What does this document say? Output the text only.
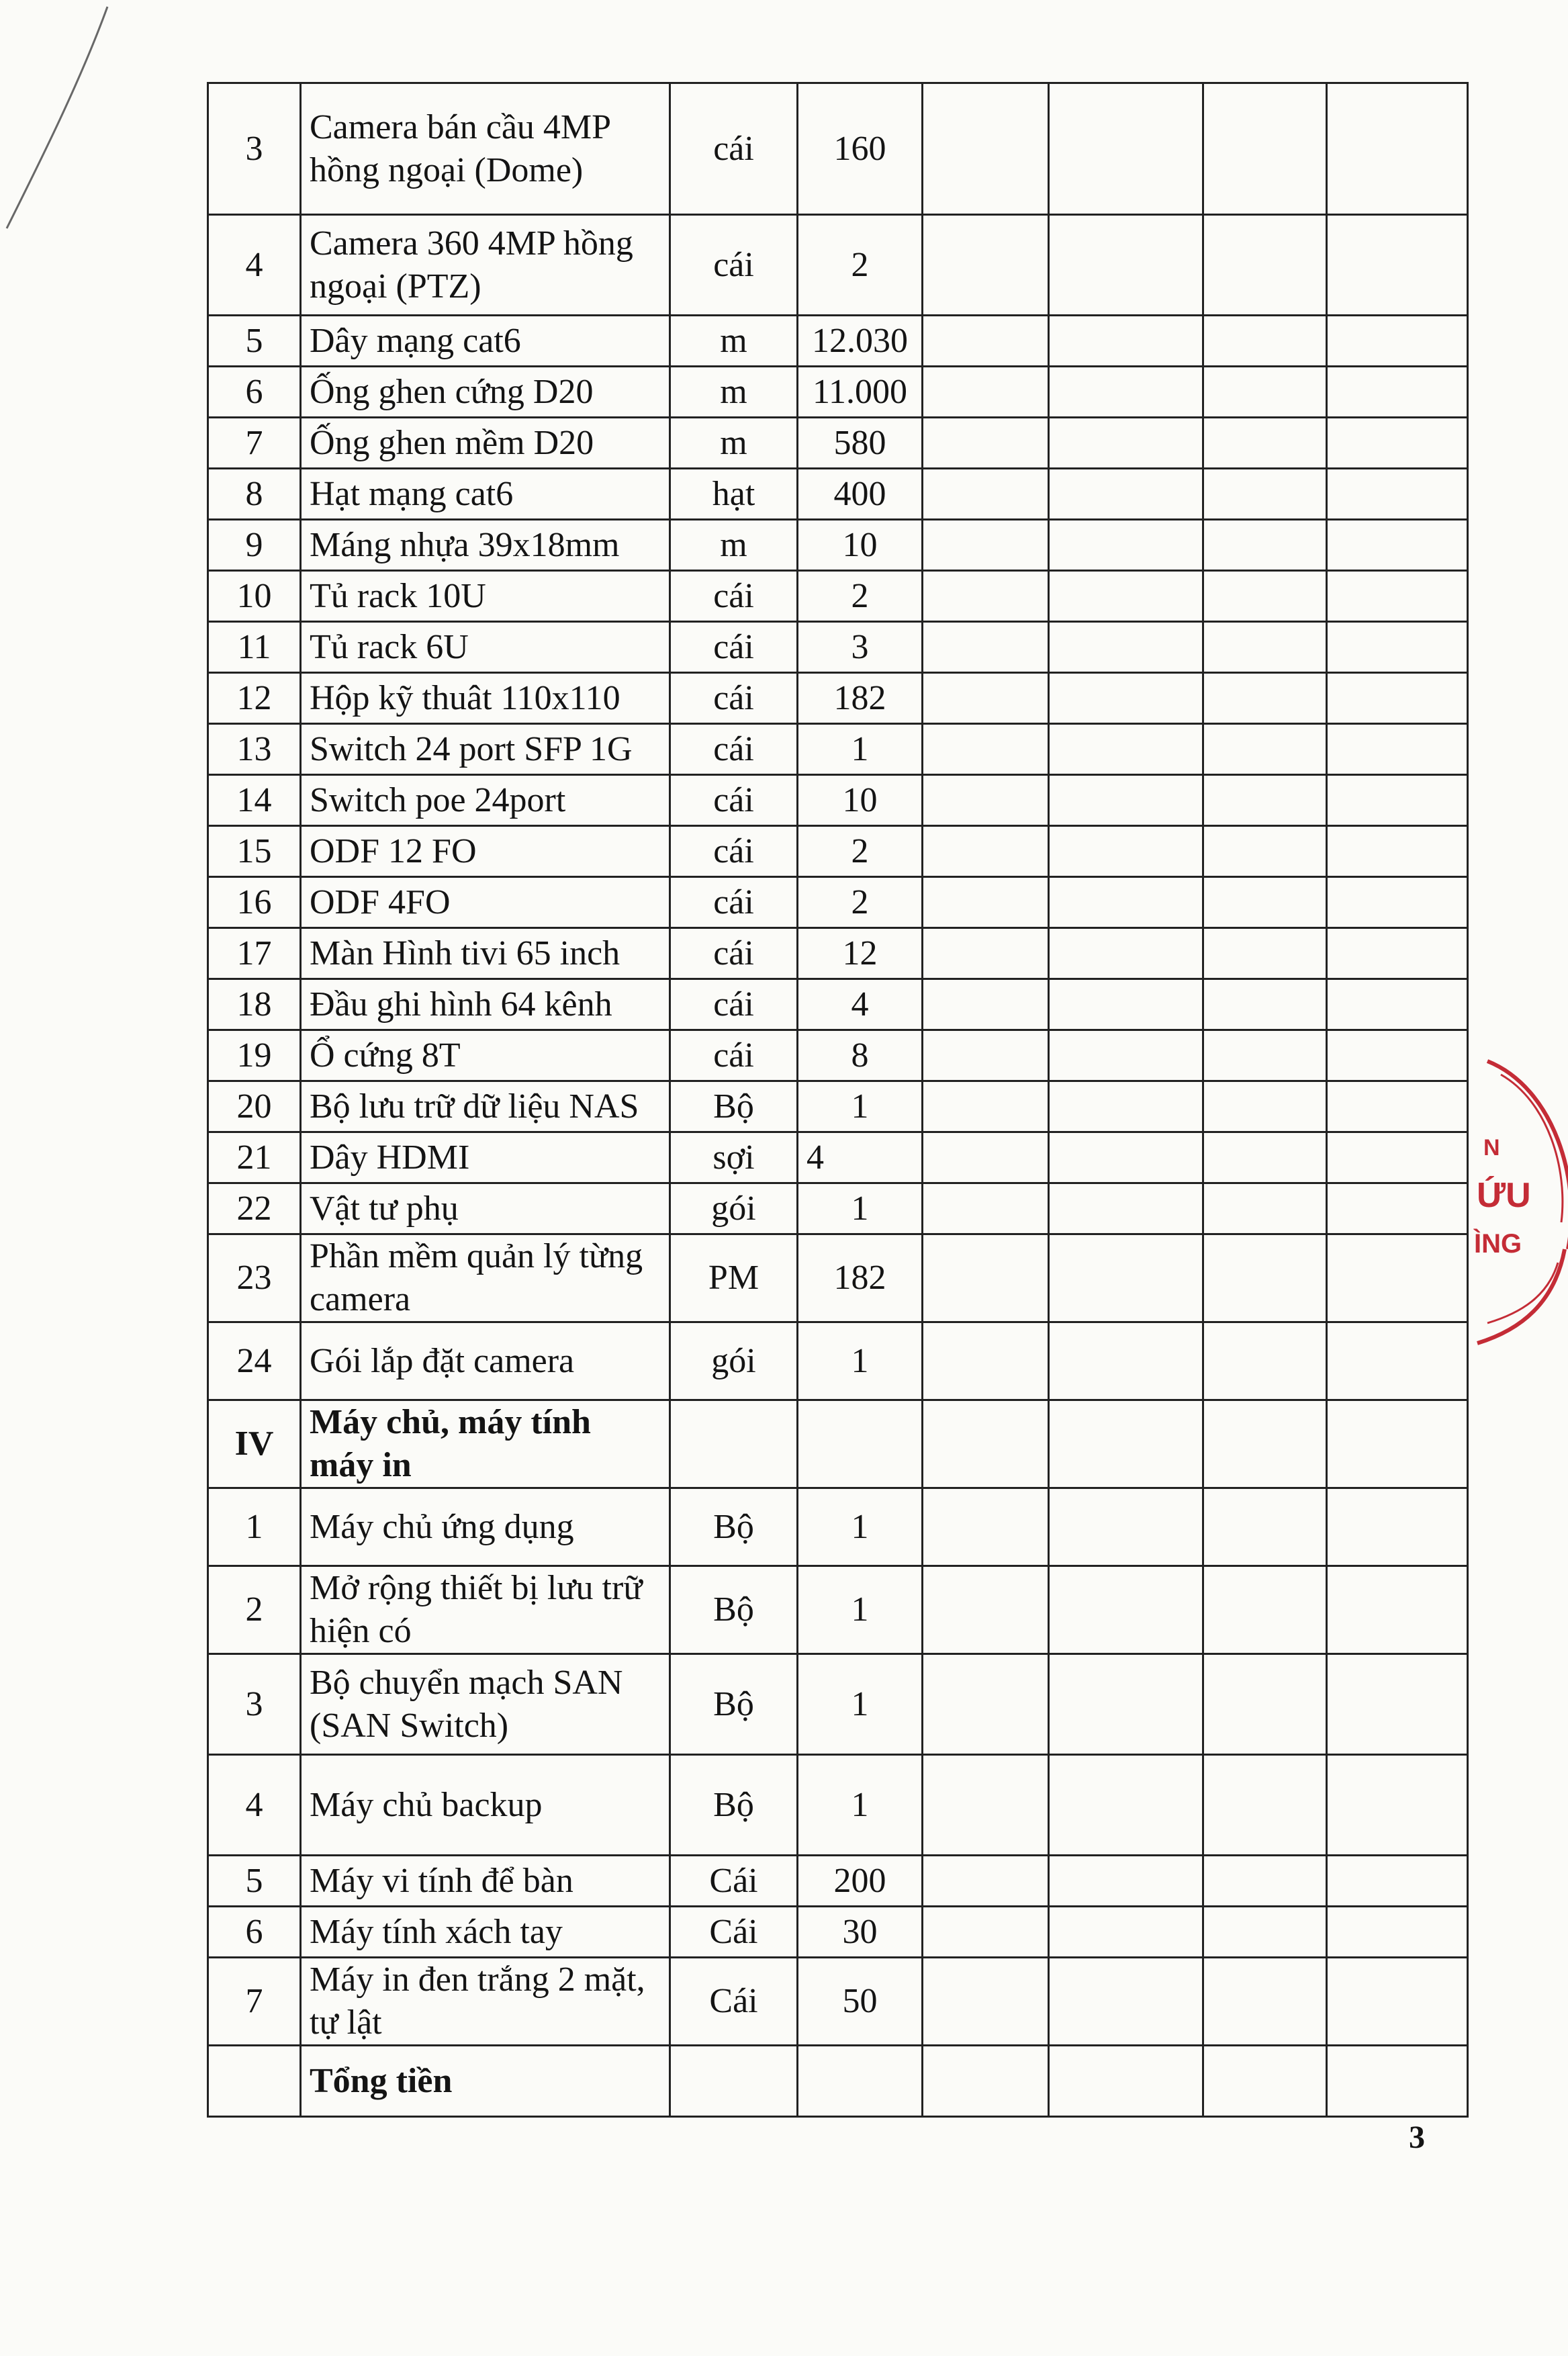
3	Camera bán cầu 4MP hồng ngoại (Dome)	cái	160				
4	Camera 360 4MP hồng ngoại (PTZ)	cái	2				
5	Dây mạng cat6	m	12.030				
6	Ống ghen cứng D20	m	11.000				
7	Ống ghen mềm D20	m	580				
8	Hạt mạng cat6	hạt	400				
9	Máng nhựa 39x18mm	m	10				
10	Tủ rack 10U	cái	2				
11	Tủ rack 6U	cái	3				
12	Hộp kỹ thuât 110x110	cái	182				
13	Switch 24 port SFP 1G	cái	1				
14	Switch poe 24port	cái	10				
15	ODF 12 FO	cái	2				
16	ODF 4FO	cái	2				
17	Màn Hình tivi 65 inch	cái	12				
18	Đầu ghi hình 64 kênh	cái	4				
19	Ổ cứng 8T	cái	8				
20	Bộ lưu trữ dữ liệu NAS	Bộ	1				
21	Dây HDMI	sợi	4				
22	Vật tư phụ	gói	1				
23	Phần mềm quản lý từng camera	PM	182				
24	Gói lắp đặt camera	gói	1				
IV	Máy chủ, máy tính máy in						
1	Máy chủ ứng dụng	Bộ	1				
2	Mở rộng thiết bị lưu trữ hiện có	Bộ	1				
3	Bộ chuyển mạch SAN (SAN Switch)	Bộ	1				
4	Máy chủ backup	Bộ	1				
5	Máy vi tính để bàn	Cái	200				
6	Máy tính xách tay	Cái	30				
7	Máy in đen trắng 2 mặt, tự lật	Cái	50				
	Tổng tiền						
3
N
ỨU
ÌNG
